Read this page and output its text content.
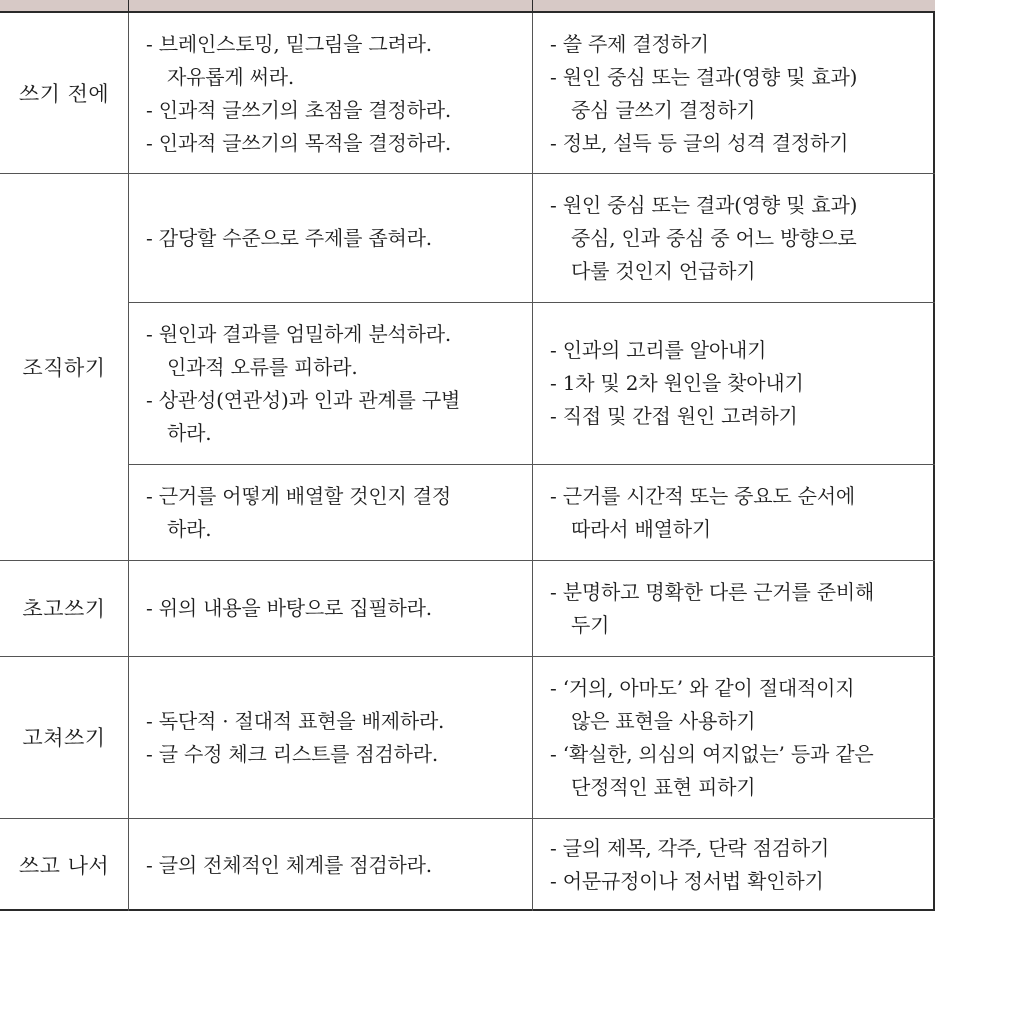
쓰기 전에
- 브레인스토밍, 밑그림을 그려라.
자유롭게 써라.
- 인과적 글쓰기의 초점을 결정하라.
- 인과적 글쓰기의 목적을 결정하라.
- 쓸 주제 결정하기
- 원인 중심 또는 결과(영향 및 효과)
중심 글쓰기 결정하기
- 정보, 설득 등 글의 성격 결정하기
조직하기
- 감당할 수준으로 주제를 좁혀라.
- 원인 중심 또는 결과(영향 및 효과)
중심, 인과 중심 중 어느 방향으로
다룰 것인지 언급하기
- 원인과 결과를 엄밀하게 분석하라.
인과적 오류를 피하라.
- 상관성(연관성)과 인과 관계를 구별
하라.
- 인과의 고리를 알아내기
- 1차 및 2차 원인을 찾아내기
- 직접 및 간접 원인 고려하기
- 근거를 어떻게 배열할 것인지 결정
하라.
- 근거를 시간적 또는 중요도 순서에
따라서 배열하기
초고쓰기	- 위의 내용을 바탕으로 집필하라.
- 분명하고 명확한 다른 근거를 준비해
두기
고쳐쓰기
- 독단적 · 절대적 표현을 배제하라.
- 글 수정 체크 리스트를 점검하라.
- ‘거의, 아마도’ 와 같이 절대적이지
않은 표현을 사용하기
- ‘확실한, 의심의 여지없는’ 등과 같은
단정적인 표현 피하기
쓰고 나서	- 글의 전체적인 체계를 점검하라.
- 글의 제목, 각주, 단락 점검하기
- 어문규정이나 정서법 확인하기
